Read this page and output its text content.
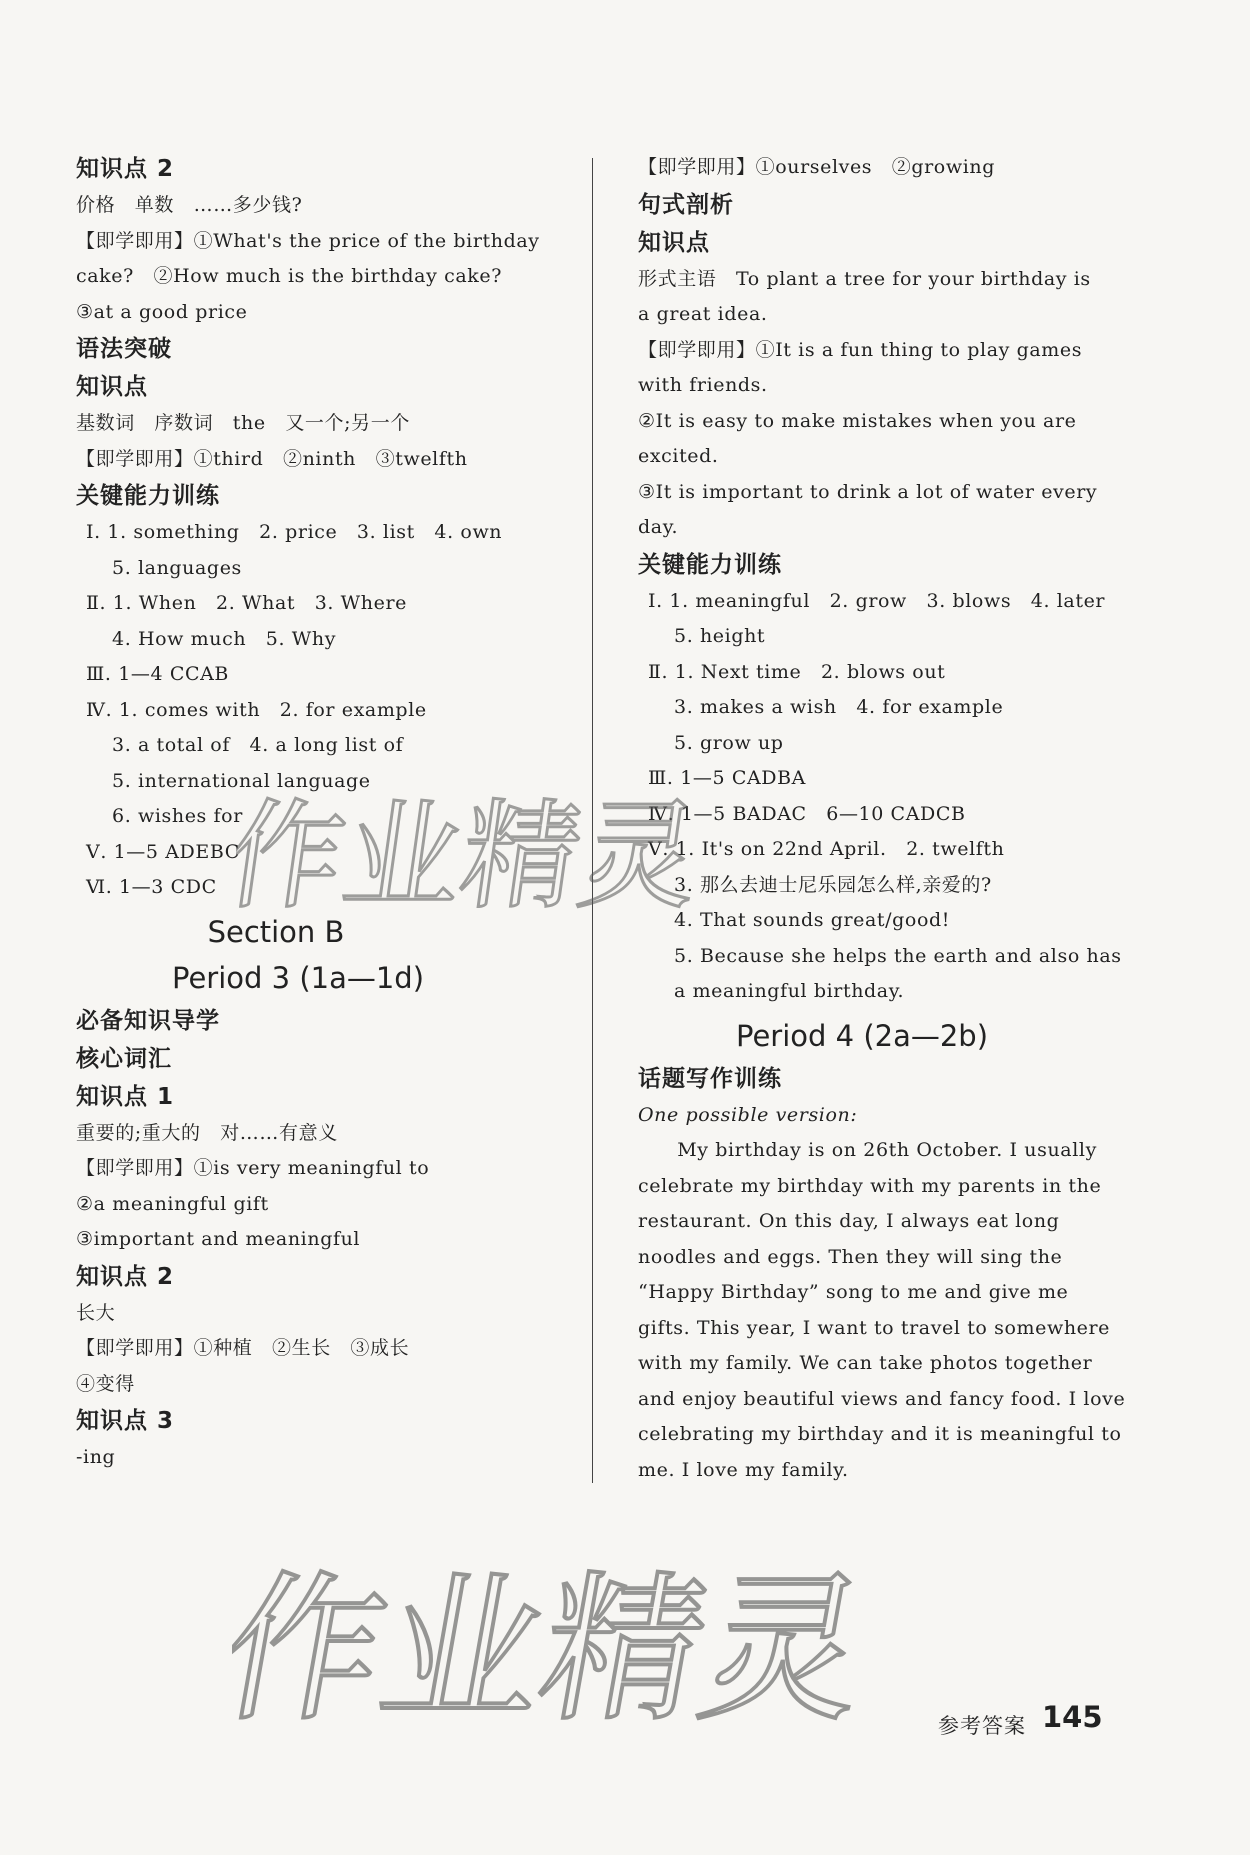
知识点 2
价格　单数　……多少钱?
【即学即用】①What's the price of the birthday
cake?　②How much is the birthday cake?
③at a good price
语法突破
知识点
基数词　序数词　the　又一个;另一个
【即学即用】①third　②ninth　③twelfth
关键能力训练
Ⅰ. 1. something　2. price　3. list　4. own
5. languages
Ⅱ. 1. When　2. What　3. Where
4. How much　5. Why
Ⅲ. 1—4 CCAB
Ⅳ. 1. comes with　2. for example
3. a total of　4. a long list of
5. international language
6. wishes for
Ⅴ. 1—5 ADEBC
Ⅵ. 1—3 CDC
Section B
Period 3 (1a—1d)
必备知识导学
核心词汇
知识点 1
重要的;重大的　对……有意义
【即学即用】①is very meaningful to
②a meaningful gift
③important and meaningful
知识点 2
长大
【即学即用】①种植　②生长　③成长
④变得
知识点 3
-ing
【即学即用】①ourselves　②growing
句式剖析
知识点
形式主语　To plant a tree for your birthday is
a great idea.
【即学即用】①It is a fun thing to play games
with friends.
②It is easy to make mistakes when you are
excited.
③It is important to drink a lot of water every
day.
关键能力训练
Ⅰ. 1. meaningful　2. grow　3. blows　4. later
5. height
Ⅱ. 1. Next time　2. blows out
3. makes a wish　4. for example
5. grow up
Ⅲ. 1—5 CADBA
Ⅳ. 1—5 BADAC　6—10 CADCB
Ⅴ. 1. It's on 22nd April.　2. twelfth
3. 那么去迪士尼乐园怎么样,亲爱的?
4. That sounds great/good!
5. Because she helps the earth and also has
a meaningful birthday.
Period 4 (2a—2b)
话题写作训练
One possible version:
　　My birthday is on 26th October. I usually
celebrate my birthday with my parents in the
restaurant. On this day, I always eat long
noodles and eggs. Then they will sing the
“Happy Birthday” song to me and give me
gifts. This year, I want to travel to somewhere
with my family. We can take photos together
and enjoy beautiful views and fancy food. I love
celebrating my birthday and it is meaningful to
me. I love my family.
作业精灵
作业精灵	参考答案 145
